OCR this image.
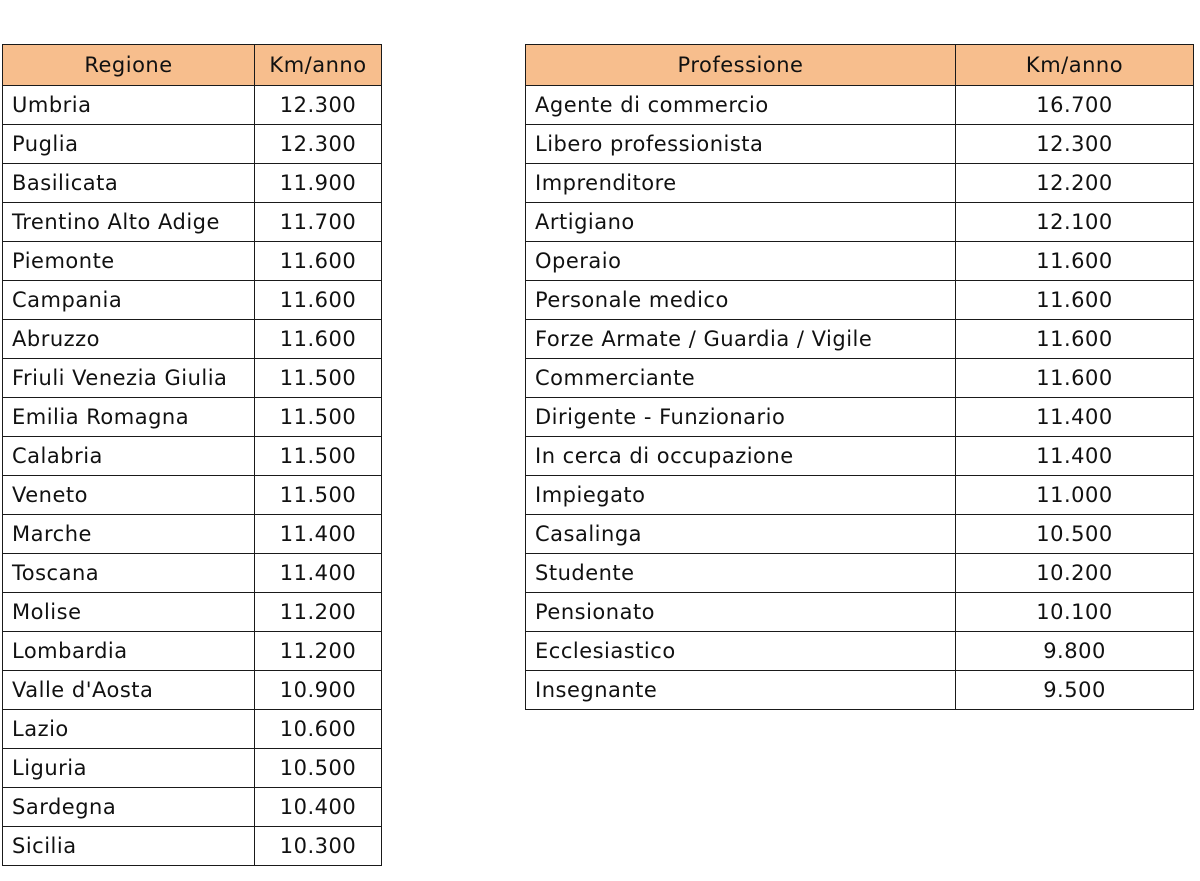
Regione	Km/anno
Umbria	12.300
Puglia	12.300
Basilicata	11.900
Trentino Alto Adige	11.700
Piemonte	11.600
Campania	11.600
Abruzzo	11.600
Friuli Venezia Giulia	11.500
Emilia Romagna	11.500
Calabria	11.500
Veneto	11.500
Marche	11.400
Toscana	11.400
Molise	11.200
Lombardia	11.200
Valle d'Aosta	10.900
Lazio	10.600
Liguria	10.500
Sardegna	10.400
Sicilia	10.300
Professione	Km/anno
Agente di commercio	16.700
Libero professionista	12.300
Imprenditore	12.200
Artigiano	12.100
Operaio	11.600
Personale medico	11.600
Forze Armate / Guardia / Vigile	11.600
Commerciante	11.600
Dirigente - Funzionario	11.400
In cerca di occupazione	11.400
Impiegato	11.000
Casalinga	10.500
Studente	10.200
Pensionato	10.100
Ecclesiastico	9.800
Insegnante	9.500
